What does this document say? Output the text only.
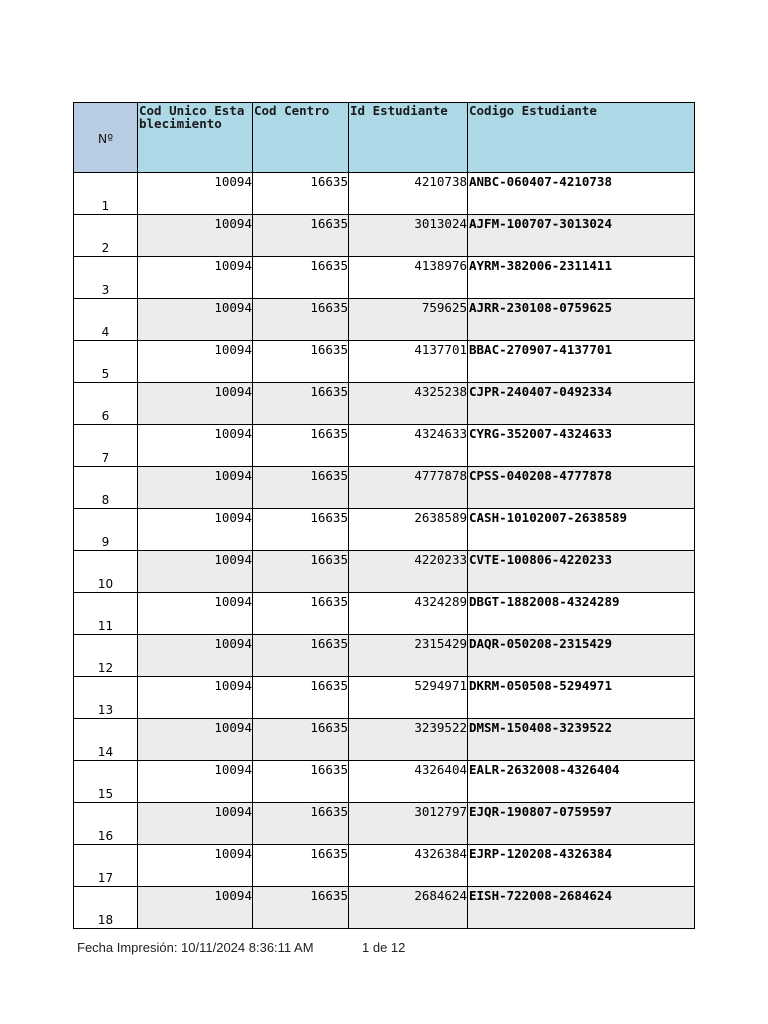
Nº	Cod Unico Establecimiento	Cod Centro	Id Estudiante	Codigo Estudiante
1	10094	16635	4210738	ANBC-060407-4210738
2	10094	16635	3013024	AJFM-100707-3013024
3	10094	16635	4138976	AYRM-382006-2311411
4	10094	16635	759625	AJRR-230108-0759625
5	10094	16635	4137701	BBAC-270907-4137701
6	10094	16635	4325238	CJPR-240407-0492334
7	10094	16635	4324633	CYRG-352007-4324633
8	10094	16635	4777878	CPSS-040208-4777878
9	10094	16635	2638589	CASH-10102007-2638589
10	10094	16635	4220233	CVTE-100806-4220233
11	10094	16635	4324289	DBGT-1882008-4324289
12	10094	16635	2315429	DAQR-050208-2315429
13	10094	16635	5294971	DKRM-050508-5294971
14	10094	16635	3239522	DMSM-150408-3239522
15	10094	16635	4326404	EALR-2632008-4326404
16	10094	16635	3012797	EJQR-190807-0759597
17	10094	16635	4326384	EJRP-120208-4326384
18	10094	16635	2684624	EISH-722008-2684624
Fecha Impresión: 10/11/2024 8:36:11 AM	1 de 12
